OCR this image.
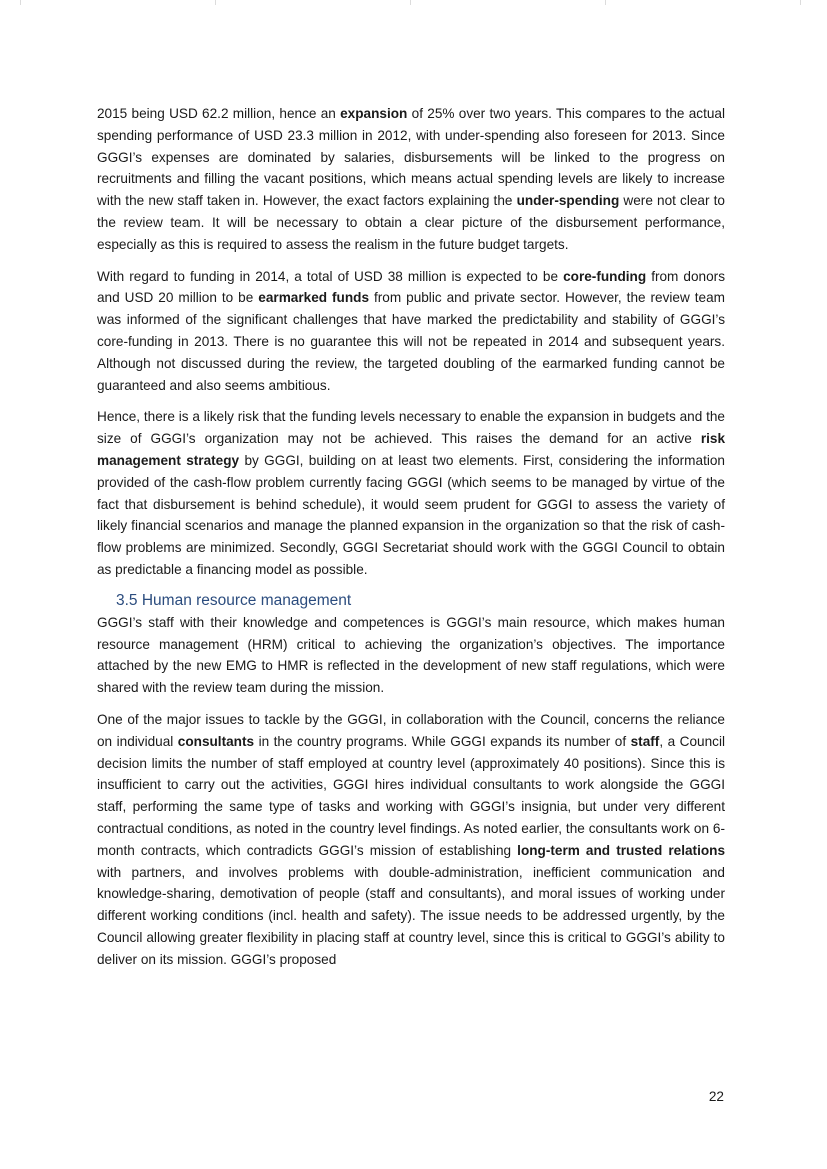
2015 being USD 62.2 million, hence an expansion of 25% over two years. This compares to the actual spending performance of USD 23.3 million in 2012, with under-spending also foreseen for 2013. Since GGGI’s expenses are dominated by salaries, disbursements will be linked to the progress on recruitments and filling the vacant positions, which means actual spending levels are likely to increase with the new staff taken in. However, the exact factors explaining the under-spending were not clear to the review team. It will be necessary to obtain a clear picture of the disbursement performance, especially as this is required to assess the realism in the future budget targets.

With regard to funding in 2014, a total of USD 38 million is expected to be core-funding from donors and USD 20 million to be earmarked funds from public and private sector. However, the review team was informed of the significant challenges that have marked the predictability and stability of GGGI’s core-funding in 2013. There is no guarantee this will not be repeated in 2014 and subsequent years. Although not discussed during the review, the targeted doubling of the earmarked funding cannot be guaranteed and also seems ambitious.

Hence, there is a likely risk that the funding levels necessary to enable the expansion in budgets and the size of GGGI’s organization may not be achieved. This raises the demand for an active risk management strategy by GGGI, building on at least two elements. First, considering the information provided of the cash-flow problem currently facing GGGI (which seems to be managed by virtue of the fact that disbursement is behind schedule), it would seem prudent for GGGI to assess the variety of likely financial scenarios and manage the planned expansion in the organization so that the risk of cash-flow problems are minimized. Secondly, GGGI Secretariat should work with the GGGI Council to obtain as predictable a financing model as possible.

3.5 Human resource management

GGGI’s staff with their knowledge and competences is GGGI’s main resource, which makes human resource management (HRM) critical to achieving the organization’s objectives. The importance attached by the new EMG to HMR is reflected in the development of new staff regulations, which were shared with the review team during the mission.

One of the major issues to tackle by the GGGI, in collaboration with the Council, concerns the reliance on individual consultants in the country programs. While GGGI expands its number of staff, a Council decision limits the number of staff employed at country level (approximately 40 positions). Since this is insufficient to carry out the activities, GGGI hires individual consultants to work alongside the GGGI staff, performing the same type of tasks and working with GGGI’s insignia, but under very different contractual conditions, as noted in the country level findings. As noted earlier, the consultants work on 6-month contracts, which contradicts GGGI’s mission of establishing long-term and trusted relations with partners, and involves problems with double-administration, inefficient communication and knowledge-sharing, demotivation of people (staff and consultants), and moral issues of working under different working conditions (incl. health and safety). The issue needs to be addressed urgently, by the Council allowing greater flexibility in placing staff at country level, since this is critical to GGGI’s ability to deliver on its mission. GGGI’s proposed

22
